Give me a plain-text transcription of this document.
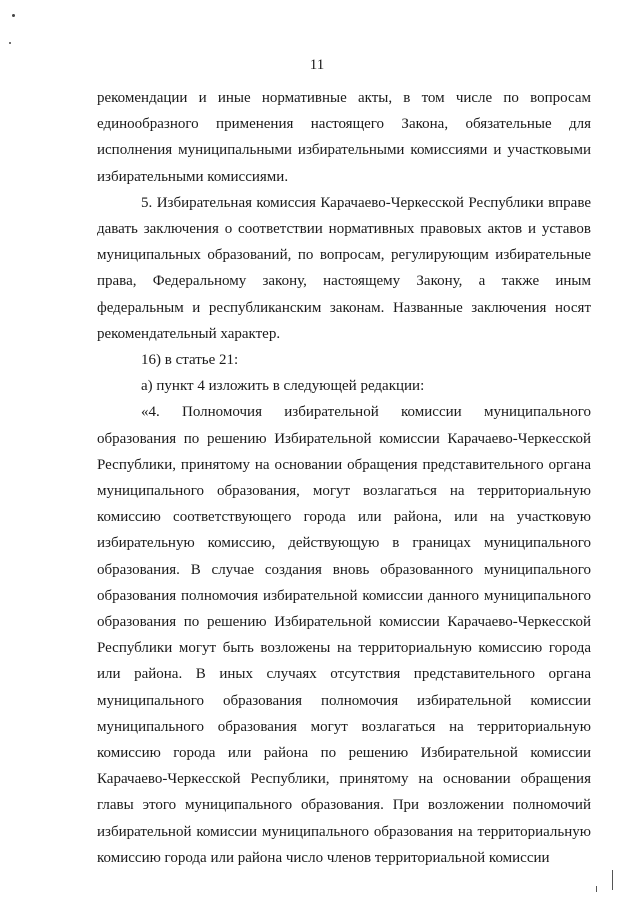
11

рекомендации и иные нормативные акты, в том числе по вопросам единообразного применения настоящего Закона, обязательные для исполнения муниципальными избирательными комиссиями и участковыми избирательными комиссиями.

5. Избирательная комиссия Карачаево-Черкесской Республики вправе давать заключения о соответствии нормативных правовых актов и уставов муниципальных образований, по вопросам, регулирующим избирательные права, Федеральному закону, настоящему Закону, а также иным федеральным и республиканским законам. Названные заключения носят рекомендательный характер.

16) в статье 21:

а) пункт 4 изложить в следующей редакции:

«4. Полномочия избирательной комиссии муниципального образования по решению Избирательной комиссии Карачаево-Черкесской Республики, принятому на основании обращения представительного органа муниципального образования, могут возлагаться на территориальную комиссию соответствующего города или района, или на участковую избирательную комиссию, действующую в границах муниципального образования. В случае создания вновь образованного муниципального образования полномочия избирательной комиссии данного муниципального образования по решению Избирательной комиссии Карачаево-Черкесской Республики могут быть возложены на территориальную комиссию города или района. В иных случаях отсутствия представительного органа муниципального образования полномочия избирательной комиссии муниципального образования могут возлагаться на территориальную комиссию города или района по решению Избирательной комиссии Карачаево-Черкесской Республики, принятому на основании обращения главы этого муниципального образования. При возложении полномочий избирательной комиссии муниципального образования на территориальную комиссию города или района число членов территориальной комиссии
